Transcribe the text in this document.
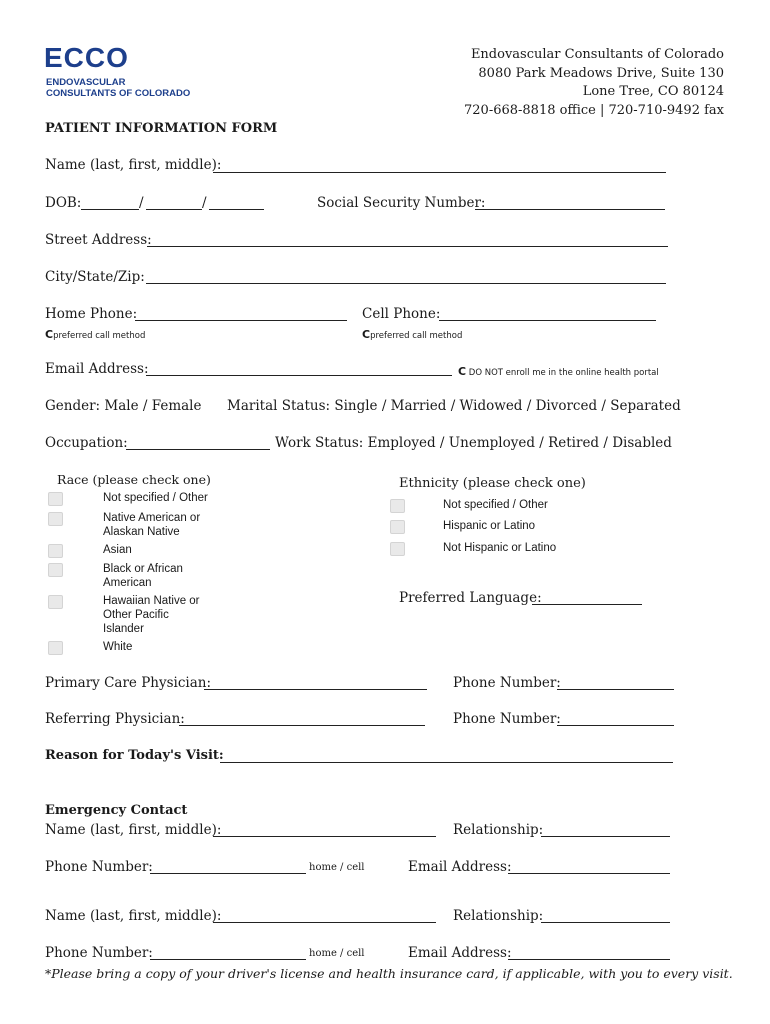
ECCO
ENDOVASCULAR
CONSULTANTS OF COLORADO
Endovascular Consultants of Colorado
8080 Park Meadows Drive, Suite 130
Lone Tree, CO 80124
720-668-8818 office | 720-710-9492 fax
PATIENT INFORMATION FORM
Name (last, first, middle):
DOB:	/	/	Social Security Number:
Street Address:
City/State/Zip:
Home Phone:	Cell Phone:
Cpreferred call method	Cpreferred call method
Email Address:	C DO NOT enroll me in the online health portal
Gender: Male / Female Marital Status: Single / Married / Widowed / Divorced / Separated
Occupation:	Work Status: Employed / Unemployed / Retired / Disabled
Race (please check one)
Not specified / Other
Native American or
Alaskan Native
Asian
Black or African
American
Hawaiian Native or
Other Pacific
Islander
White
Ethnicity (please check one)
Not specified / Other
Hispanic or Latino
Not Hispanic or Latino
Preferred Language:
Primary Care Physician:	Phone Number:
Referring Physician:	Phone Number:
Reason for Today's Visit:
Emergency Contact
Name (last, first, middle):	Relationship:
Phone Number:	home / cell	Email Address:
Name (last, first, middle):	Relationship:
Phone Number:	home / cell	Email Address:
*Please bring a copy of your driver's license and health insurance card, if applicable, with you to every visit.
